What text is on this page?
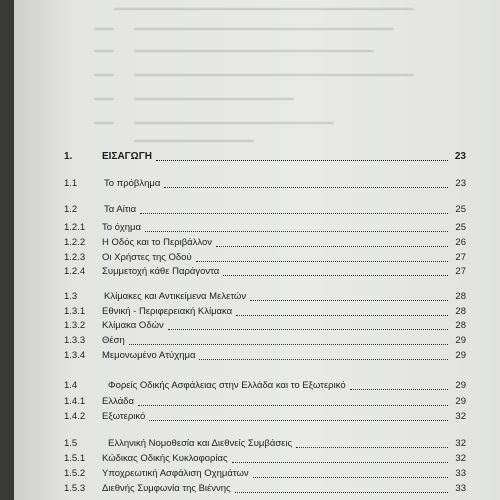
1.	ΕΙΣΑΓΩΓΗ	23
1.1	Το πρόβλημα	23
1.2	Τα Αίτια	25
1.2.1 Το όχημα	25
1.2.2 Η Οδός και το Περιβάλλον	26
1.2.3 Οι Χρήστες της Οδού	27
1.2.4 Συμμετοχή κάθε Παράγοντα	27
1.3	Κλίμακες και Αντικείμενα Μελετών	28
1.3.1 Εθνική - Περιφερειακή Κλίμακα	28
1.3.2 Κλίμακα Οδών	28
1.3.3 Θέση	29
1.3.4 Μεμονωμένο Ατύχημα	29
1.4	Φορείς Οδικής Ασφάλειας στην Ελλάδα και το Εξωτερικό	29
1.4.1 Ελλάδα	29
1.4.2 Εξωτερικό	32
1.5	Ελληνική Νομοθεσία και Διεθνείς Συμβάσεις	32
1.5.1 Κώδικας Οδικής Κυκλοφορίας	32
1.5.2 Υποχρεωτική Ασφάλιση Οχημάτων	33
1.5.3 Διεθνής Συμφωνία της Βιέννης	33
